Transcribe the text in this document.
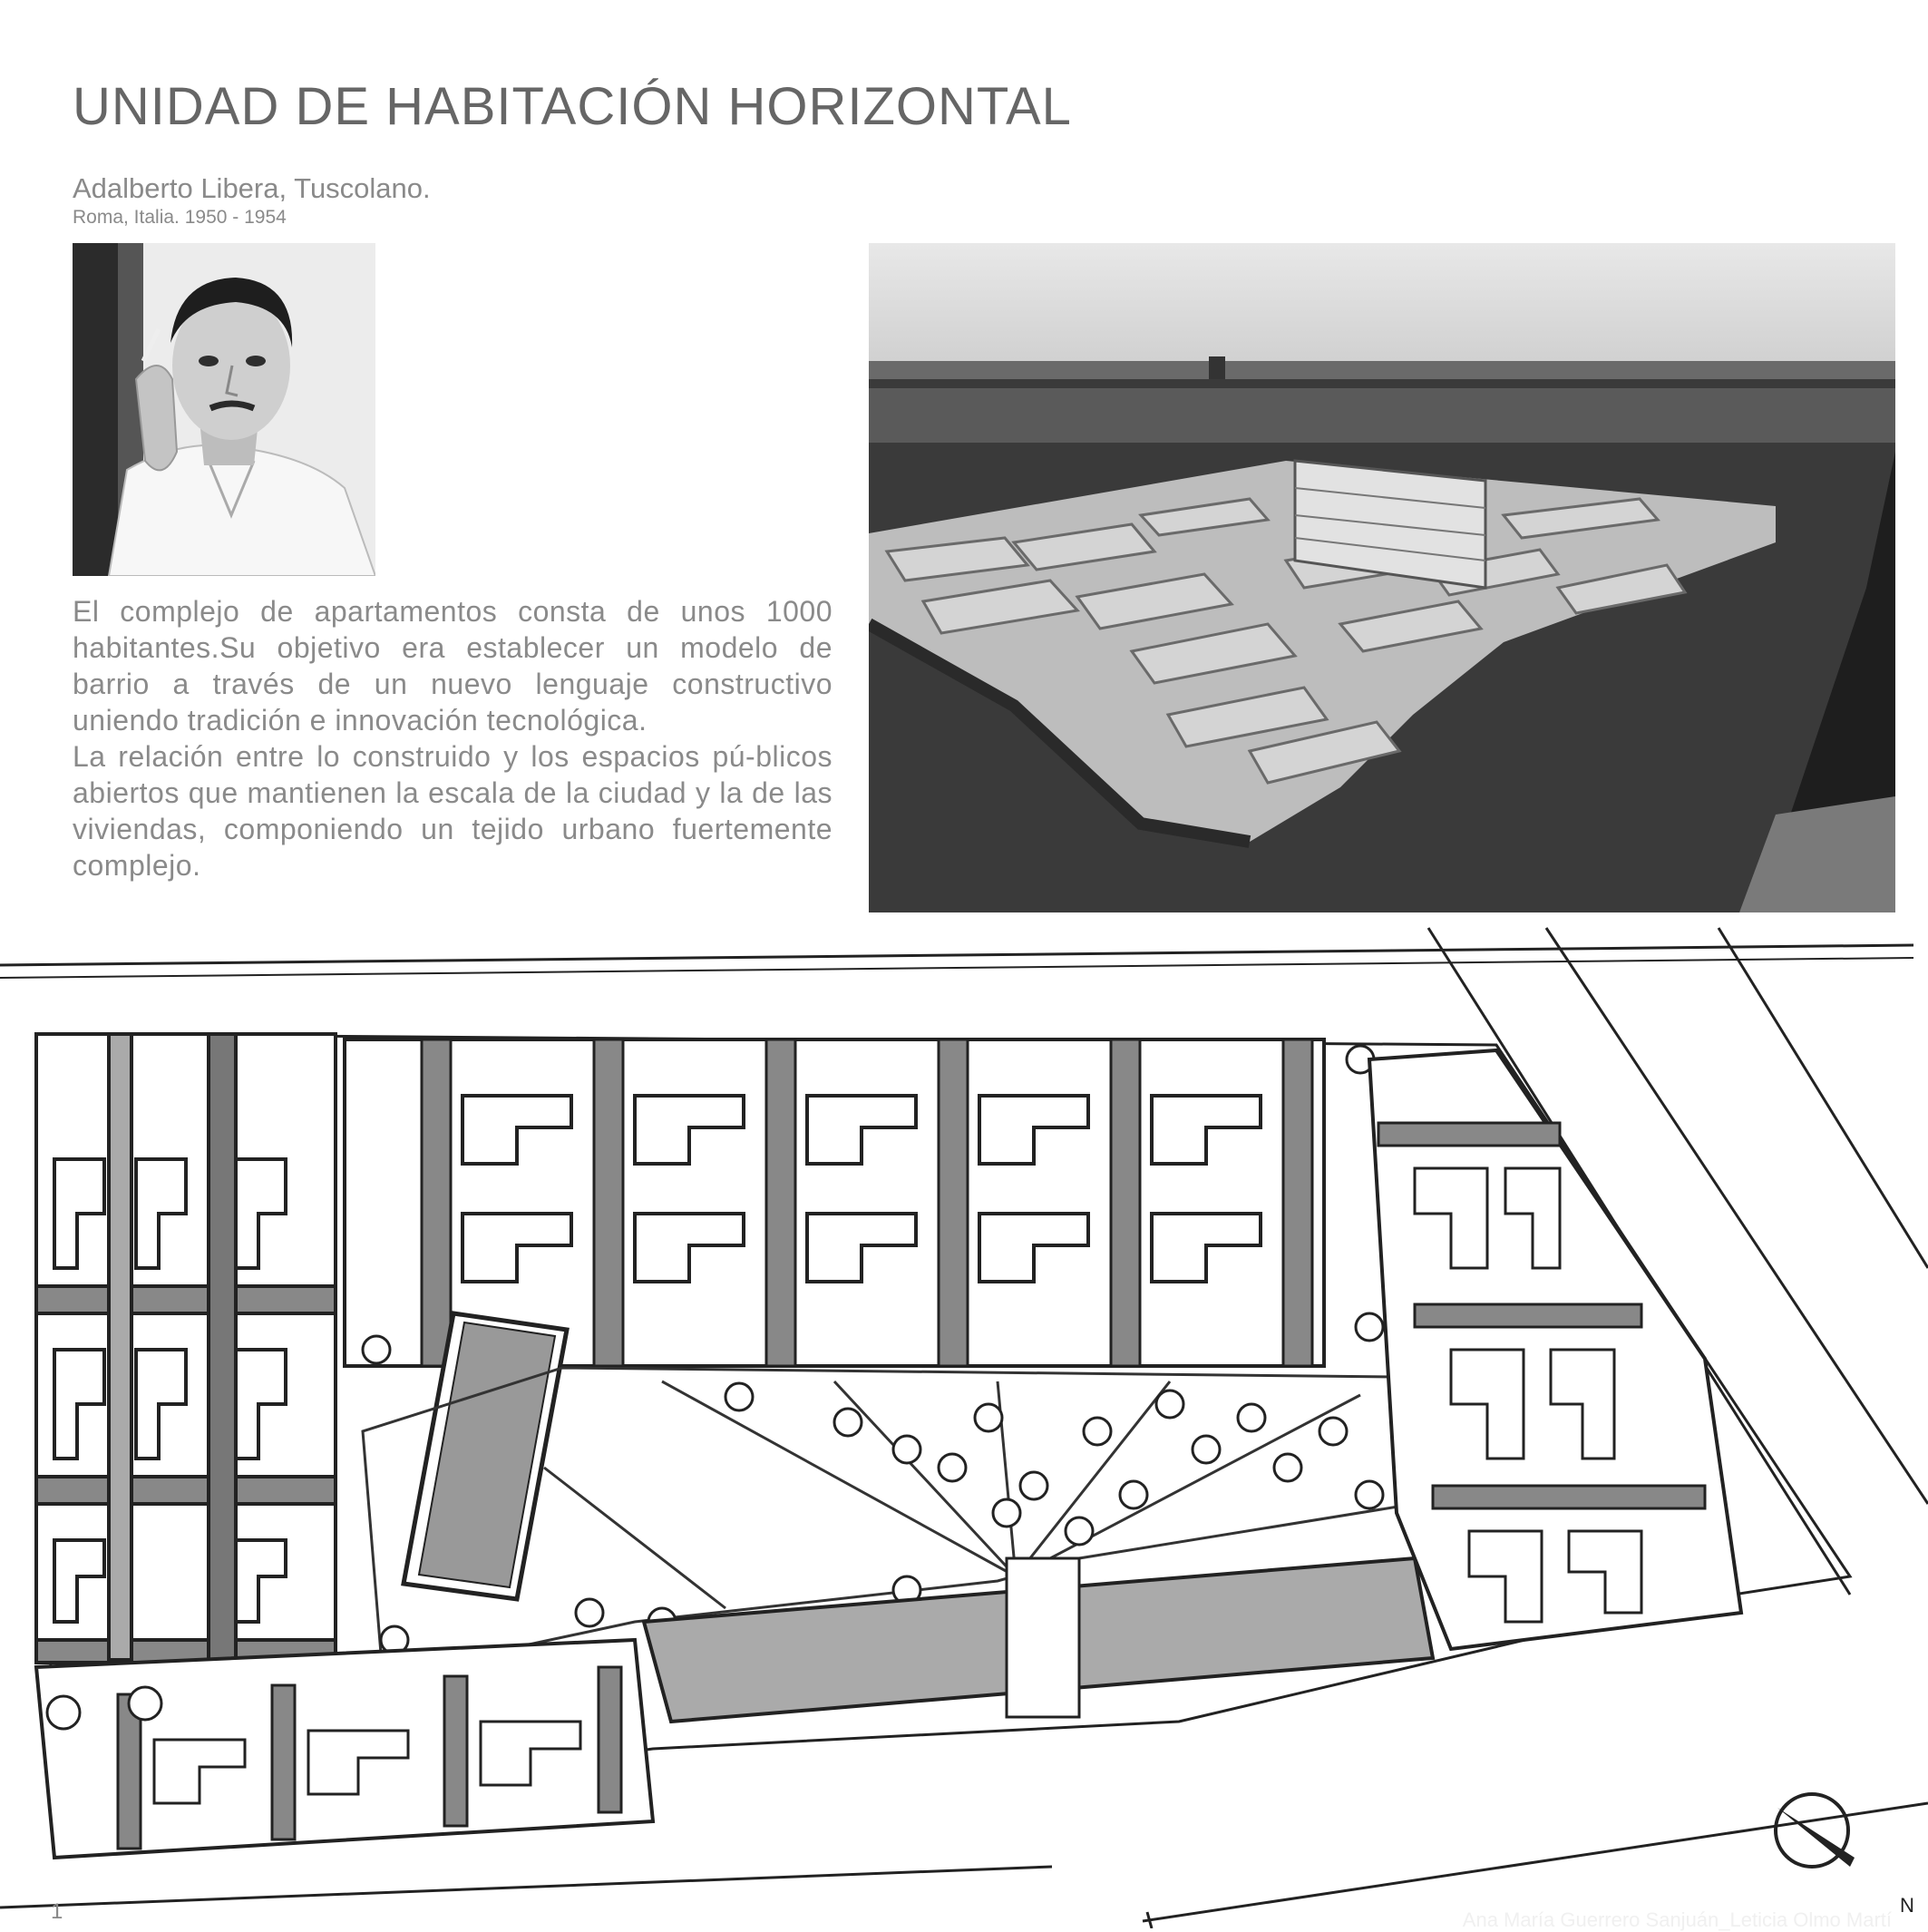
UNIDAD DE HABITACIÓN HORIZONTAL

Adalberto Libera, Tuscolano.

Roma, Italia. 1950 - 1954

El complejo de apartamentos consta de unos 1000 habitantes.Su objetivo era establecer un modelo de barrio a través de un nuevo lenguaje constructivo uniendo tradición e innovación tecnológica.

La relación entre lo construido y los espacios pú-blicos abiertos que mantienen la escala de la ciudad y la de las viviendas, componiendo un tejido urbano fuertemente complejo.

N
1	Ana María Guerrero Sanjuán_Leticia Olmo Martí
